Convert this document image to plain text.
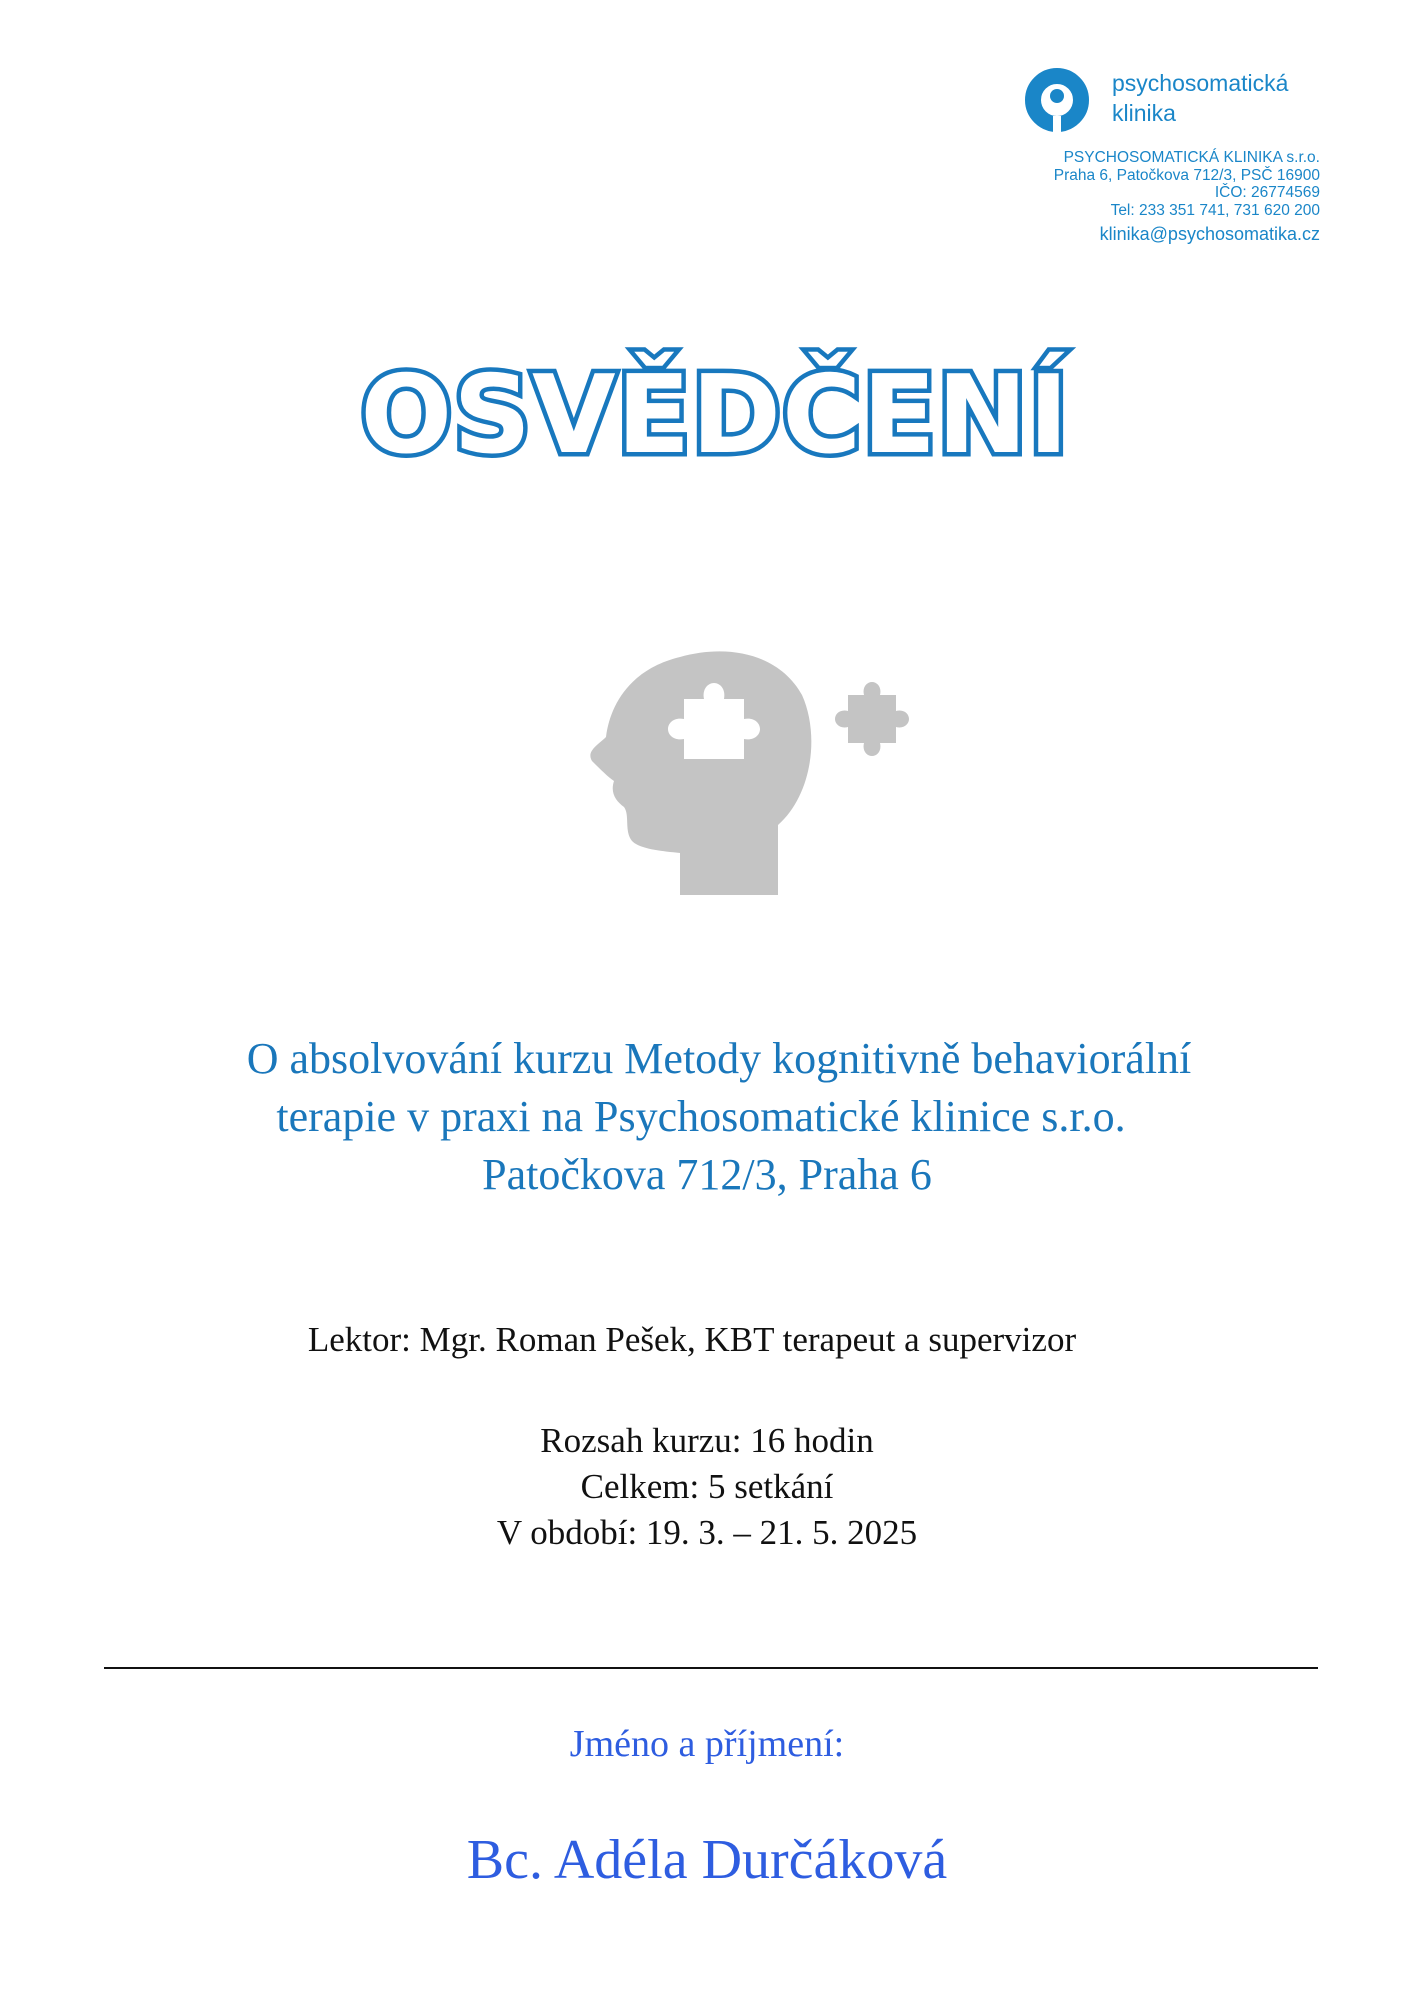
psychosomatická
klinika
PSYCHOSOMATICKÁ KLINIKA s.r.o.
Praha 6, Patočkova 712/3, PSČ 16900
IČO: 26774569
Tel: 233 351 741, 731 620 200
klinika@psychosomatika.cz
OSVĚDČENÍ
O absolvování kurzu Metody kognitivně behaviorální
terapie v praxi na Psychosomatické klinice s.r.o.
Patočkova 712/3, Praha 6
Lektor: Mgr. Roman Pešek, KBT terapeut a supervizor
Rozsah kurzu: 16 hodin
Celkem: 5 setkání
V období: 19. 3. – 21. 5. 2025
Jméno a příjmení:
Bc. Adéla Durčáková
